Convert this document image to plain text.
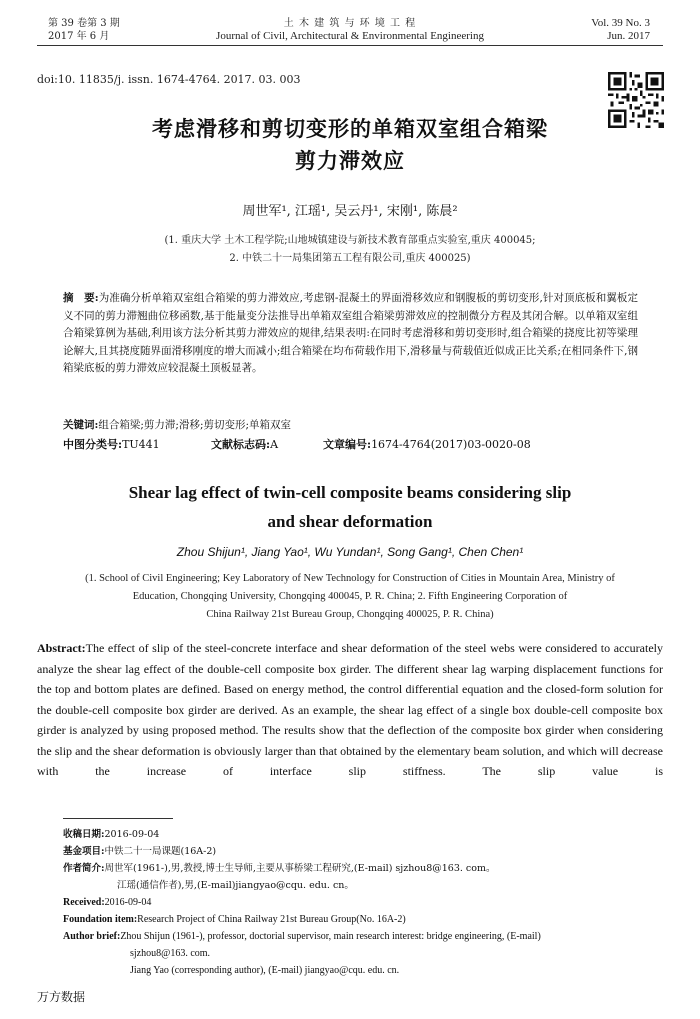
第 39 卷第 3 期
2017 年 6 月
土 木 建 筑 与 环 境 工 程
Journal of Civil, Architectural & Environmental Engineering
Vol. 39 No. 3
Jun. 2017
doi:10. 11835/j. issn. 1674-4764. 2017. 03. 003
考虑滑移和剪切变形的单箱双室组合箱梁
剪力滞效应
周世军¹, 江瑶¹, 吴云丹¹, 宋刚¹, 陈晨²
(1. 重庆大学 土木工程学院;山地城镇建设与新技术教育部重点实验室,重庆 400045;
2. 中铁二十一局集团第五工程有限公司,重庆 400025)
摘　要:为准确分析单箱双室组合箱梁的剪力滞效应,考虑钢-混凝土的界面滑移效应和钢腹板的剪切变形,针对顶底板和翼板定义不同的剪力滞翘曲位移函数,基于能量变分法推导出单箱双室组合箱梁剪滞效应的控制微分方程及其闭合解。以单箱双室组合箱梁算例为基础,利用该方法分析其剪力滞效应的规律,结果表明:在同时考虑滑移和剪切变形时,组合箱梁的挠度比初等梁理论解大,且其挠度随界面滑移刚度的增大而减小;组合箱梁在均布荷载作用下,滑移量与荷载值近似成正比关系;在相同条件下,钢箱梁底板的剪力滞效应较混凝土顶板显著。
关键词:组合箱梁;剪力滞;滑移;剪切变形;单箱双室
中图分类号:TU441	文献标志码:A	文章编号:1674-4764(2017)03-0020-08
Shear lag effect of twin-cell composite beams considering slip
and shear deformation
Zhou Shijun¹, Jiang Yao¹, Wu Yundan¹, Song Gang¹, Chen Chen¹
(1. School of Civil Engineering; Key Laboratory of New Technology for Construction of Cities in Mountain Area, Ministry of
Education, Chongqing University, Chongqing 400045, P. R. China; 2. Fifth Engineering Corporation of
China Railway 21st Bureau Group, Chongqing 400025, P. R. China)
Abstract:The effect of slip of the steel-concrete interface and shear deformation of the steel webs were considered to accurately analyze the shear lag effect of the double-cell composite box girder. The different shear lag warping displacement functions for the top and bottom plates are defined. Based on energy method, the control differential equation and the closed-form solution for the double-cell composite box girder are derived. As an example, the shear lag effect of a single box double-cell composite box girder is analyzed by using proposed method. The results show that the deflection of the composite box girder when considering the slip and the shear deformation is obviously larger than that obtained by the elementary beam solution, and which will decrease with the increase of interface slip stiffness. The slip value is
收稿日期:2016-09-04
基金项目:中铁二十一局课题(16A-2)
作者简介:周世军(1961-),男,教授,博士生导师,主要从事桥梁工程研究,(E-mail) sjzhou8@163. com。
江瑶(通信作者),男,(E-mail)jiangyao@cqu. edu. cn。
Received:2016-09-04
Foundation item:Research Project of China Railway 21st Bureau Group(No. 16A-2)
Author brief:Zhou Shijun (1961-), professor, doctorial supervisor, main research interest: bridge engineering, (E-mail)
sjzhou8@163. com.
Jiang Yao (corresponding author), (E-mail) jiangyao@cqu. edu. cn.
万方数据
